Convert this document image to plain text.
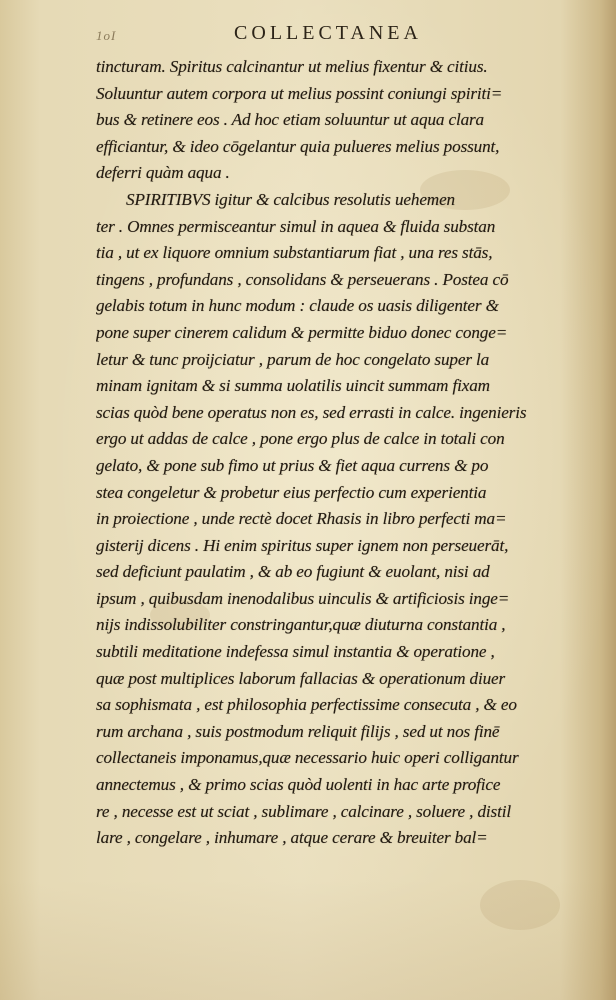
1oI	COLLECTANEA
tincturam. Spiritus calcinantur ut melius fixentur & citius.
Soluuntur autem corpora ut melius possint coniungi spiriti=
bus & retinere eos . Ad hoc etiam soluuntur ut aqua clara
efficiantur, & ideo cōgelantur quia pulueres melius possunt,
deferri quàm aqua .
SPIRITIBVS igitur & calcibus resolutis uehemen
ter . Omnes permisceantur simul in aquea & fluida substan
tia , ut ex liquore omnium substantiarum fiat , una res stās,
tingens , profundans , consolidans & perseuerans . Postea cō
gelabis totum in hunc modum : claude os uasis diligenter &
pone super cinerem calidum & permitte biduo donec conge=
letur & tunc proijciatur , parum de hoc congelato super la
minam ignitam & si summa uolatilis uincit summam fixam
scias quòd bene operatus non es, sed errasti in calce. ingenieris
ergo ut addas de calce , pone ergo plus de calce in totali con
gelato, & pone sub fimo ut prius & fiet aqua currens & po
stea congeletur & probetur eius perfectio cum experientia
in proiectione , unde rectè docet Rhasis in libro perfecti ma=
gisterij dicens . Hi enim spiritus super ignem non perseuerāt,
sed deficiunt paulatim , & ab eo fugiunt & euolant, nisi ad
ipsum , quibusdam inenodalibus uinculis & artificiosis inge=
nijs indissolubiliter constringantur,quæ diuturna constantia ,
subtili meditatione indefessa simul instantia & operatione ,
quæ post multiplices laborum fallacias & operationum diuer
sa sophismata , est philosophia perfectissime consecuta , & eo
rum archana , suis postmodum reliquit filijs , sed ut nos finē
collectaneis imponamus,quæ necessario huic operi colligantur
annectemus , & primo scias quòd uolenti in hac arte profice
re , necesse est ut sciat , sublimare , calcinare , soluere , distil
lare , congelare , inhumare , atque cerare & breuiter bal=
